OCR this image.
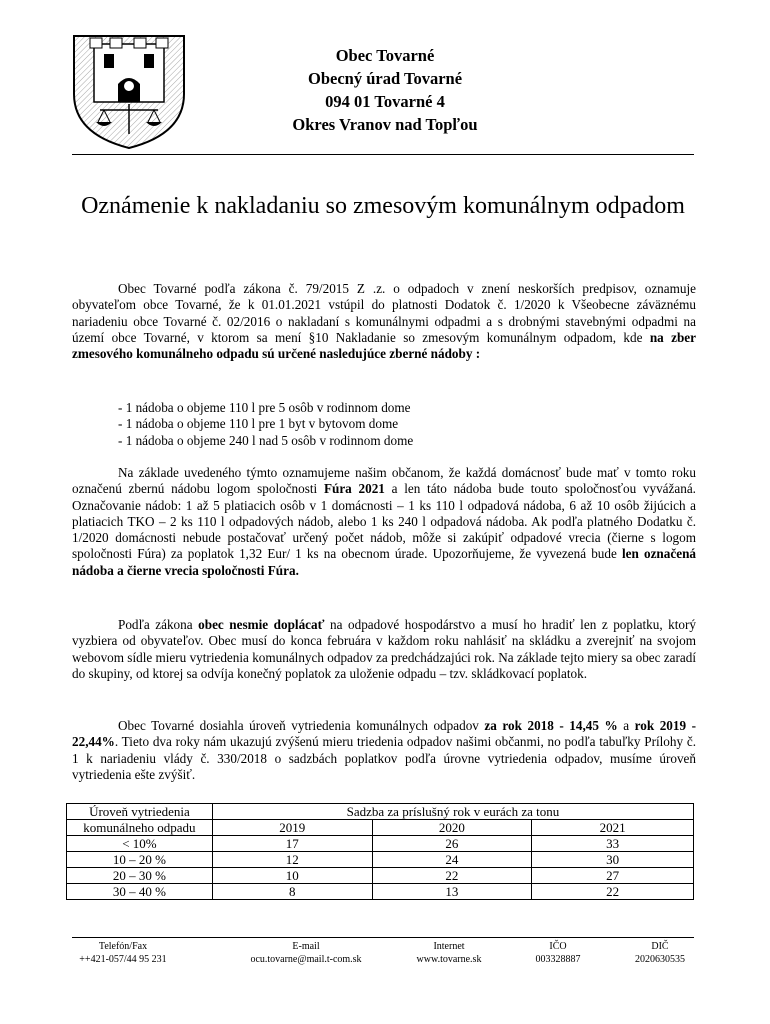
Obec Tovarné
Obecný úrad Tovarné
094 01 Tovarné 4
Okres Vranov nad Topľou
Oznámenie k nakladaniu so zmesovým komunálnym odpadom

Obec Tovarné podľa zákona č. 79/2015 Z .z. o odpadoch v znení neskorších predpisov, oznamuje obyvateľom obce Tovarné, že k 01.01.2021 vstúpil do platnosti Dodatok č. 1/2020 k Všeobecne záväznému nariadeniu obce Tovarné č. 02/2016 o nakladaní s komunálnymi odpadmi a s drobnými stavebnými odpadmi na území obce Tovarné, v ktorom sa mení §10 Nakladanie so zmesovým komunálnym odpadom, kde na zber zmesového komunálneho odpadu sú určené nasledujúce zberné nádoby :

- 1 nádoba o objeme 110 l pre 5 osôb v rodinnom dome
- 1 nádoba o objeme 110 l pre 1 byt v bytovom dome
- 1 nádoba o objeme 240 l nad 5 osôb v rodinnom dome

Na základe uvedeného týmto oznamujeme našim občanom, že každá domácnosť bude mať v tomto roku označenú zbernú nádobu logom spoločnosti Fúra 2021 a len táto nádoba bude touto spoločnosťou vyvážaná. Označovanie nádob: 1 až 5 platiacich osôb v 1 domácnosti – 1 ks 110 l odpadová nádoba, 6 až 10 osôb žijúcich a platiacich TKO – 2 ks 110 l odpadových nádob, alebo 1 ks 240 l odpadová nádoba. Ak podľa platného Dodatku č. 1/2020 domácnosti nebude postačovať určený počet nádob, môže si zakúpiť odpadové vrecia (čierne s logom spoločnosti Fúra) za poplatok 1,32 Eur/ 1 ks na obecnom úrade. Upozorňujeme, že vyvezená bude len označená nádoba a čierne vrecia spoločnosti Fúra.

Podľa zákona obec nesmie doplácať na odpadové hospodárstvo a musí ho hradiť len z poplatku, ktorý vyzbiera od obyvateľov. Obec musí do konca februára v každom roku nahlásiť na skládku a zverejniť na svojom webovom sídle mieru vytriedenia komunálnych odpadov za predchádzajúci rok. Na základe tejto miery sa obec zaradí do skupiny, od ktorej sa odvíja konečný poplatok za uloženie odpadu – tzv. skládkovací poplatok.

Obec Tovarné dosiahla úroveň vytriedenia komunálnych odpadov za rok 2018 - 14,45 % a rok 2019 - 22,44%. Tieto dva roky nám ukazujú zvýšenú mieru triedenia odpadov našimi občanmi, no podľa tabuľky Prílohy č. 1 k nariadeniu vlády č. 330/2018 o sadzbách poplatkov podľa úrovne vytriedenia odpadov, musíme úroveň vytriedenia ešte zvýšiť.

Úroveň vytriedenia	Sadzba za príslušný rok v eurách za tonu		
komunálneho odpadu	2019	2020	2021
< 10%	17	26	33
10 – 20 %	12	24	30
20 – 30 %	10	22	27
30 – 40 %	8	13	22
Telefón/Fax
++421-057/44 95 231
E-mail
ocu.tovarne@mail.t-com.sk
Internet
www.tovarne.sk
IČO
003328887
DIČ
2020630535
